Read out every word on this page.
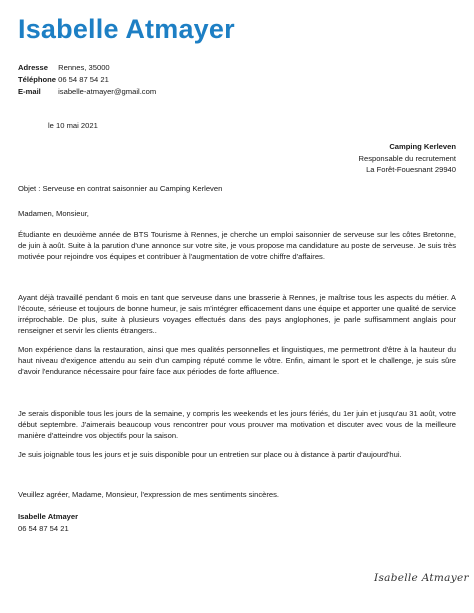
Isabelle Atmayer
Adresse Rennes, 35000
Téléphone 06 54 87 54 21
E-mail isabelle-atmayer@gmail.com
le 10 mai 2021
Camping Kerleven
Responsable du recrutement
La Forêt-Fouesnant 29940
Objet : Serveuse en contrat saisonnier au Camping Kerleven
Madamen, Monsieur,
Étudiante en deuxième année de BTS Tourisme à Rennes, je cherche un emploi saisonnier de serveuse sur les côtes Bretonne, de juin à août. Suite à la parution d'une annonce sur votre site, je vous propose ma candidature au poste de serveuse. Je suis très motivée pour rejoindre vos équipes et contribuer à l'augmentation de votre chiffre d'affaires.
Ayant déjà travaillé pendant 6 mois en tant que serveuse dans une brasserie à Rennes, je maîtrise tous les aspects du métier. A l'écoute, sérieuse et toujours de bonne humeur, je sais m'intégrer efficacement dans une équipe et apporter une qualité de service irréprochable. De plus, suite à plusieurs voyages effectués dans des pays anglophones, je parle suffisamment anglais pour renseigner et servir les clients étrangers..
Mon expérience dans la restauration, ainsi que mes qualités personnelles et linguistiques, me permettront d'être à la hauteur du haut niveau d'exigence attendu au sein d'un camping réputé comme le vôtre. Enfin, aimant le sport et le challenge, je suis sûre d'avoir l'endurance nécessaire pour faire face aux périodes de forte affluence.
Je serais disponible tous les jours de la semaine, y compris les weekends et les jours fériés, du 1er juin et jusqu'au 31 août, votre début septembre. J'aimerais beaucoup vous rencontrer pour vous prouver ma motivation et discuter avec vous de la meilleure manière d'atteindre vos objectifs pour la saison.
Je suis joignable tous les jours et je suis disponible pour un entretien sur place ou à distance à partir d'aujourd'hui.
Veuillez agréer, Madame, Monsieur, l'expression de mes sentiments sincères.
Isabelle Atmayer
06 54 87 54 21
Isabelle Atmayer
